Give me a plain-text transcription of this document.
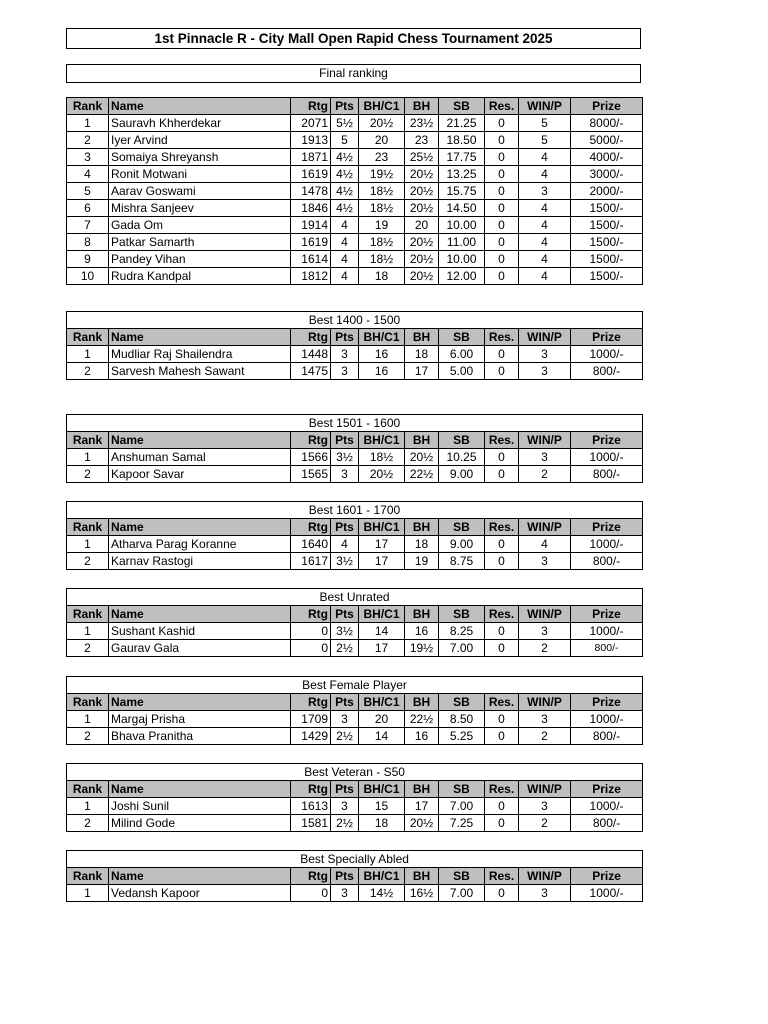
1st Pinnacle R - City Mall Open Rapid Chess Tournament 2025
Final ranking
Rank	Name	Rtg	Pts	BH/C1	BH	SB	Res.	WIN/P	Prize
1	Sauravh Khherdekar	2071	5½	20½	23½	21.25	0	5	8000/-
2	Iyer Arvind	1913	5	20	23	18.50	0	5	5000/-
3	Somaiya Shreyansh	1871	4½	23	25½	17.75	0	4	4000/-
4	Ronit Motwani	1619	4½	19½	20½	13.25	0	4	3000/-
5	Aarav Goswami	1478	4½	18½	20½	15.75	0	3	2000/-
6	Mishra Sanjeev	1846	4½	18½	20½	14.50	0	4	1500/-
7	Gada Om	1914	4	19	20	10.00	0	4	1500/-
8	Patkar Samarth	1619	4	18½	20½	11.00	0	4	1500/-
9	Pandey Vihan	1614	4	18½	20½	10.00	0	4	1500/-
10	Rudra Kandpal	1812	4	18	20½	12.00	0	4	1500/-
Best 1400 - 1500									
Rank	Name	Rtg	Pts	BH/C1	BH	SB	Res.	WIN/P	Prize
1	Mudliar Raj Shailendra	1448	3	16	18	6.00	0	3	1000/-
2	Sarvesh Mahesh Sawant	1475	3	16	17	5.00	0	3	800/-
Best 1501 - 1600									
Rank	Name	Rtg	Pts	BH/C1	BH	SB	Res.	WIN/P	Prize
1	Anshuman Samal	1566	3½	18½	20½	10.25	0	3	1000/-
2	Kapoor Savar	1565	3	20½	22½	9.00	0	2	800/-
Best 1601 - 1700									
Rank	Name	Rtg	Pts	BH/C1	BH	SB	Res.	WIN/P	Prize
1	Atharva Parag Koranne	1640	4	17	18	9.00	0	4	1000/-
2	Karnav Rastogi	1617	3½	17	19	8.75	0	3	800/-
Best Unrated									
Rank	Name	Rtg	Pts	BH/C1	BH	SB	Res.	WIN/P	Prize
1	Sushant Kashid	0	3½	14	16	8.25	0	3	1000/-
2	Gaurav Gala	0	2½	17	19½	7.00	0	2	800/-
Best Female Player									
Rank	Name	Rtg	Pts	BH/C1	BH	SB	Res.	WIN/P	Prize
1	Margaj Prisha	1709	3	20	22½	8.50	0	3	1000/-
2	Bhava Pranitha	1429	2½	14	16	5.25	0	2	800/-
Best Veteran - S50									
Rank	Name	Rtg	Pts	BH/C1	BH	SB	Res.	WIN/P	Prize
1	Joshi Sunil	1613	3	15	17	7.00	0	3	1000/-
2	Milind Gode	1581	2½	18	20½	7.25	0	2	800/-
Best Specially Abled									
Rank	Name	Rtg	Pts	BH/C1	BH	SB	Res.	WIN/P	Prize
1	Vedansh Kapoor	0	3	14½	16½	7.00	0	3	1000/-
